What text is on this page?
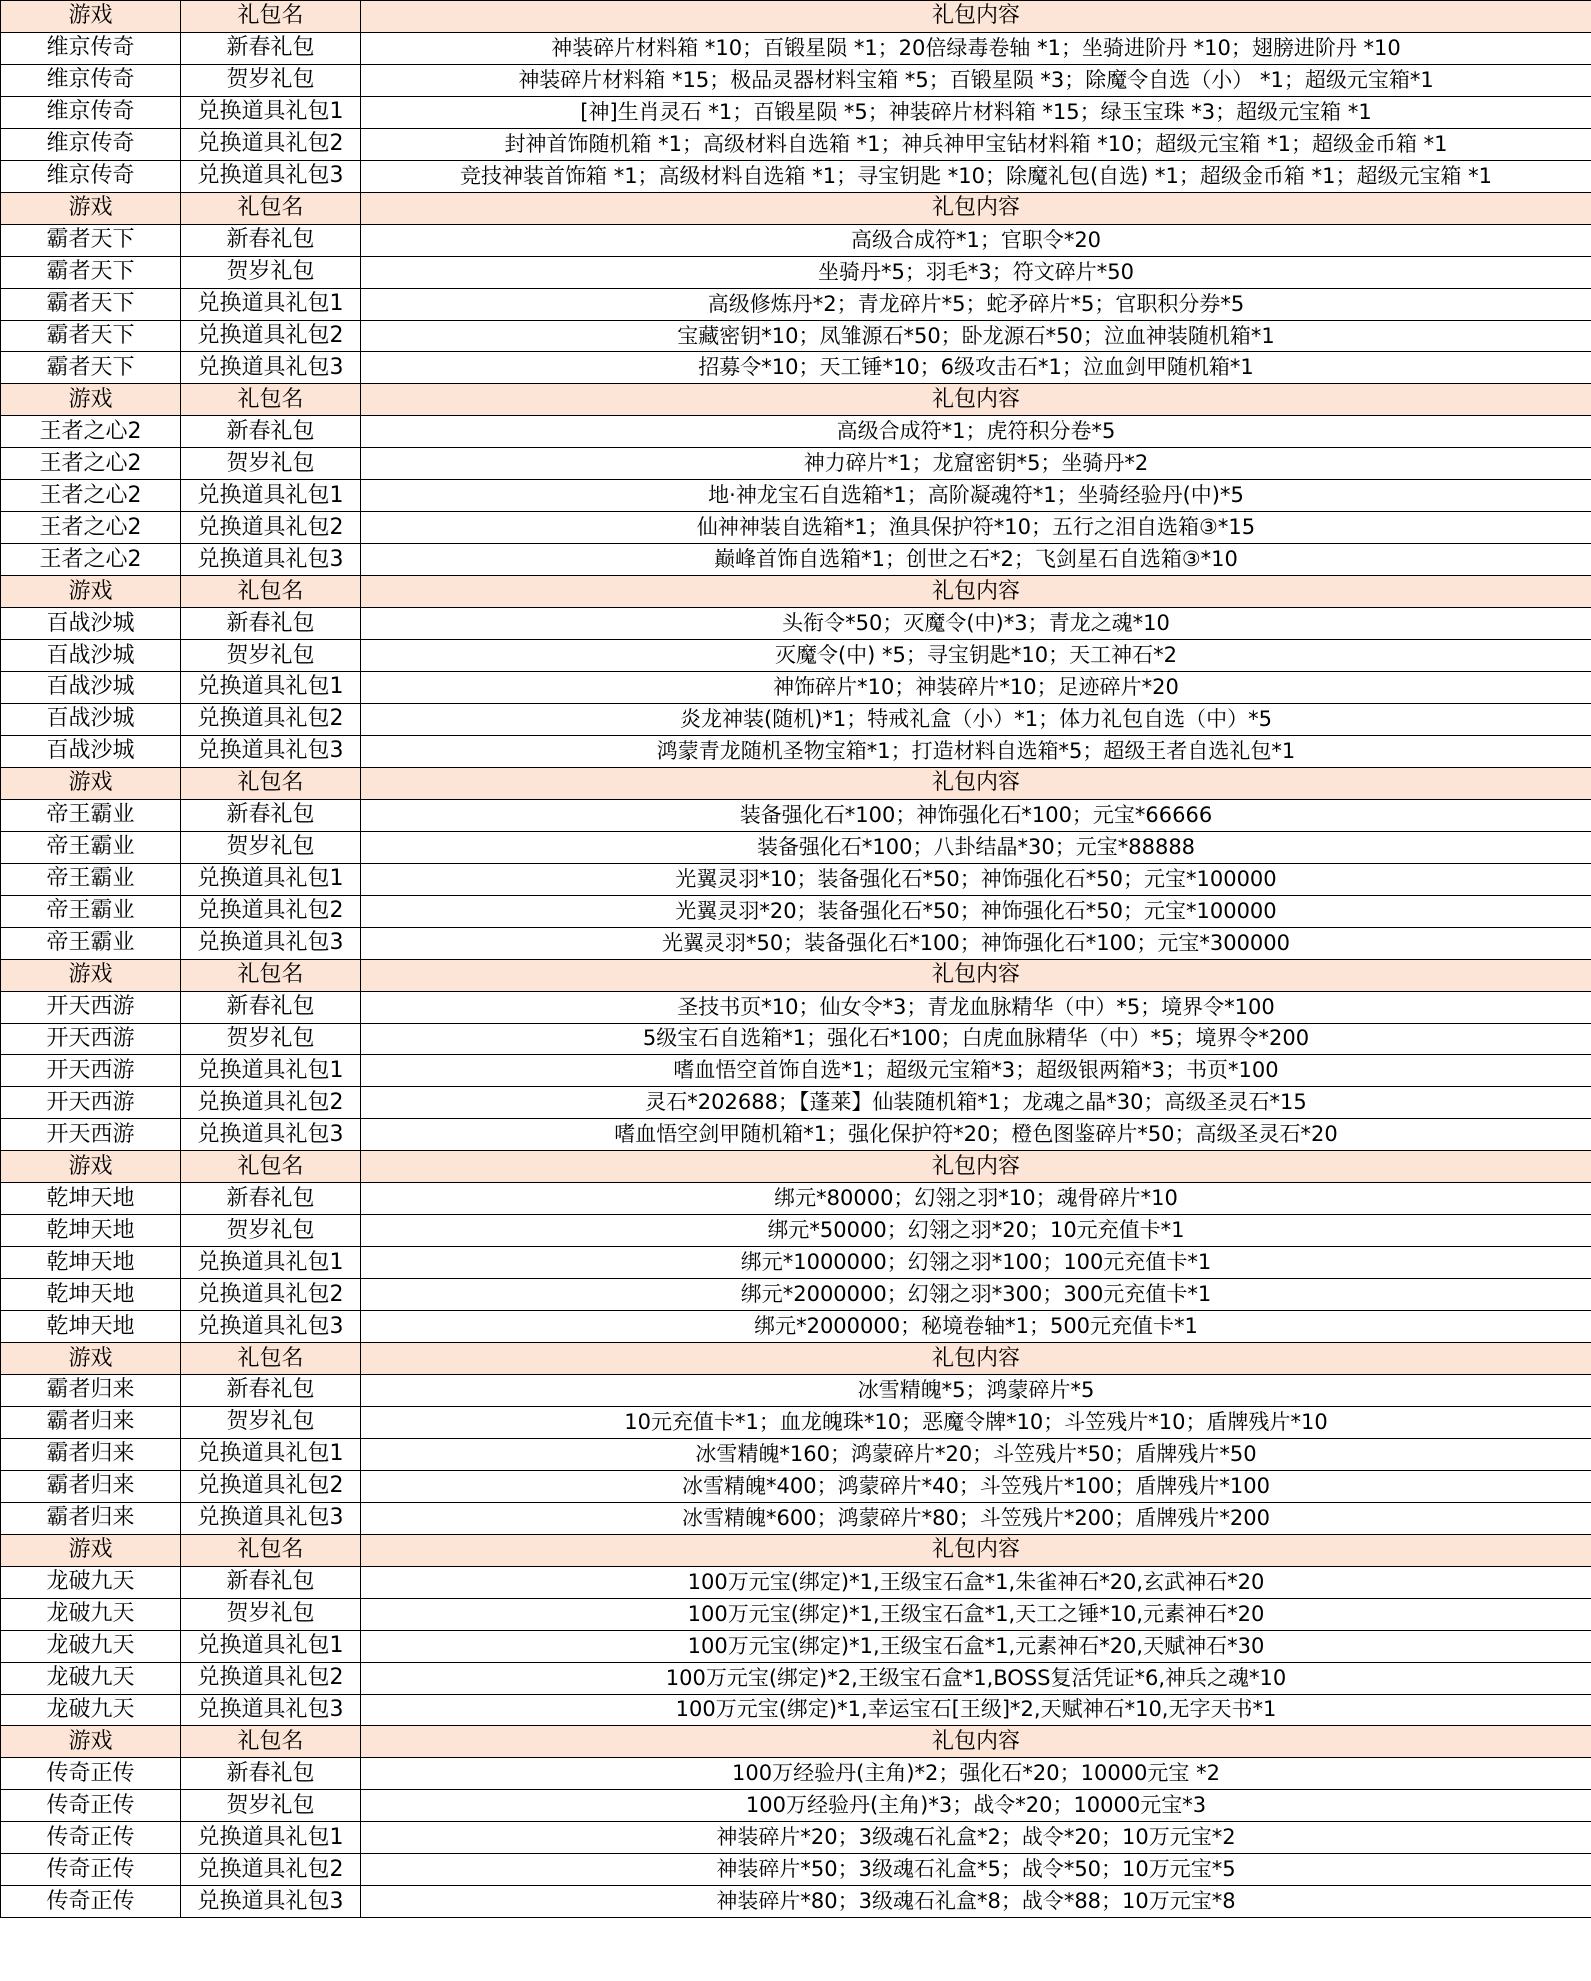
游戏	礼包名	礼包内容
维京传奇	新春礼包	神装碎片材料箱 *10；百锻星陨 *1；20倍绿毒卷轴 *1；坐骑进阶丹 *10；翅膀进阶丹 *10
维京传奇	贺岁礼包	神装碎片材料箱 *15；极品灵器材料宝箱 *5；百锻星陨 *3；除魔令自选（小） *1；超级元宝箱*1
维京传奇	兑换道具礼包1	[神]生肖灵石 *1；百锻星陨 *5；神装碎片材料箱 *15；绿玉宝珠 *3；超级元宝箱 *1
维京传奇	兑换道具礼包2	封神首饰随机箱 *1；高级材料自选箱 *1；神兵神甲宝钻材料箱 *10；超级元宝箱 *1；超级金币箱 *1
维京传奇	兑换道具礼包3	竞技神装首饰箱 *1；高级材料自选箱 *1；寻宝钥匙 *10；除魔礼包(自选) *1；超级金币箱 *1；超级元宝箱 *1
游戏	礼包名	礼包内容
霸者天下	新春礼包	高级合成符*1；官职令*20
霸者天下	贺岁礼包	坐骑丹*5；羽毛*3；符文碎片*50
霸者天下	兑换道具礼包1	高级修炼丹*2；青龙碎片*5；蛇矛碎片*5；官职积分券*5
霸者天下	兑换道具礼包2	宝藏密钥*10；凤雏源石*50；卧龙源石*50；泣血神装随机箱*1
霸者天下	兑换道具礼包3	招募令*10；天工锤*10；6级攻击石*1；泣血剑甲随机箱*1
游戏	礼包名	礼包内容
王者之心2	新春礼包	高级合成符*1；虎符积分卷*5
王者之心2	贺岁礼包	神力碎片*1；龙窟密钥*5；坐骑丹*2
王者之心2	兑换道具礼包1	地·神龙宝石自选箱*1；高阶凝魂符*1；坐骑经验丹(中)*5
王者之心2	兑换道具礼包2	仙神神装自选箱*1；渔具保护符*10；五行之泪自选箱③*15
王者之心2	兑换道具礼包3	巅峰首饰自选箱*1；创世之石*2；飞剑星石自选箱③*10
游戏	礼包名	礼包内容
百战沙城	新春礼包	头衔令*50；灭魔令(中)*3；青龙之魂*10
百战沙城	贺岁礼包	灭魔令(中) *5；寻宝钥匙*10；天工神石*2
百战沙城	兑换道具礼包1	神饰碎片*10；神装碎片*10；足迹碎片*20
百战沙城	兑换道具礼包2	炎龙神装(随机)*1；特戒礼盒（小）*1；体力礼包自选（中）*5
百战沙城	兑换道具礼包3	鸿蒙青龙随机圣物宝箱*1；打造材料自选箱*5；超级王者自选礼包*1
游戏	礼包名	礼包内容
帝王霸业	新春礼包	装备强化石*100；神饰强化石*100；元宝*66666
帝王霸业	贺岁礼包	装备强化石*100；八卦结晶*30；元宝*88888
帝王霸业	兑换道具礼包1	光翼灵羽*10；装备强化石*50；神饰强化石*50；元宝*100000
帝王霸业	兑换道具礼包2	光翼灵羽*20；装备强化石*50；神饰强化石*50；元宝*100000
帝王霸业	兑换道具礼包3	光翼灵羽*50；装备强化石*100；神饰强化石*100；元宝*300000
游戏	礼包名	礼包内容
开天西游	新春礼包	圣技书页*10；仙女令*3；青龙血脉精华（中）*5；境界令*100
开天西游	贺岁礼包	5级宝石自选箱*1；强化石*100；白虎血脉精华（中）*5；境界令*200
开天西游	兑换道具礼包1	嗜血悟空首饰自选*1；超级元宝箱*3；超级银两箱*3；书页*100
开天西游	兑换道具礼包2	灵石*202688；【蓬莱】仙装随机箱*1；龙魂之晶*30；高级圣灵石*15
开天西游	兑换道具礼包3	嗜血悟空剑甲随机箱*1；强化保护符*20；橙色图鉴碎片*50；高级圣灵石*20
游戏	礼包名	礼包内容
乾坤天地	新春礼包	绑元*80000；幻翎之羽*10；魂骨碎片*10
乾坤天地	贺岁礼包	绑元*50000；幻翎之羽*20；10元充值卡*1
乾坤天地	兑换道具礼包1	绑元*1000000；幻翎之羽*100；100元充值卡*1
乾坤天地	兑换道具礼包2	绑元*2000000；幻翎之羽*300；300元充值卡*1
乾坤天地	兑换道具礼包3	绑元*2000000；秘境卷轴*1；500元充值卡*1
游戏	礼包名	礼包内容
霸者归来	新春礼包	冰雪精魄*5；鸿蒙碎片*5
霸者归来	贺岁礼包	10元充值卡*1；血龙魄珠*10；恶魔令牌*10；斗笠残片*10；盾牌残片*10
霸者归来	兑换道具礼包1	冰雪精魄*160；鸿蒙碎片*20；斗笠残片*50；盾牌残片*50
霸者归来	兑换道具礼包2	冰雪精魄*400；鸿蒙碎片*40；斗笠残片*100；盾牌残片*100
霸者归来	兑换道具礼包3	冰雪精魄*600；鸿蒙碎片*80；斗笠残片*200；盾牌残片*200
游戏	礼包名	礼包内容
龙破九天	新春礼包	100万元宝(绑定)*1,王级宝石盒*1,朱雀神石*20,玄武神石*20
龙破九天	贺岁礼包	100万元宝(绑定)*1,王级宝石盒*1,天工之锤*10,元素神石*20
龙破九天	兑换道具礼包1	100万元宝(绑定)*1,王级宝石盒*1,元素神石*20,天赋神石*30
龙破九天	兑换道具礼包2	100万元宝(绑定)*2,王级宝石盒*1,BOSS复活凭证*6,神兵之魂*10
龙破九天	兑换道具礼包3	100万元宝(绑定)*1,幸运宝石[王级]*2,天赋神石*10,无字天书*1
游戏	礼包名	礼包内容
传奇正传	新春礼包	100万经验丹(主角)*2；强化石*20；10000元宝 *2
传奇正传	贺岁礼包	100万经验丹(主角)*3；战令*20；10000元宝*3
传奇正传	兑换道具礼包1	神装碎片*20；3级魂石礼盒*2；战令*20；10万元宝*2
传奇正传	兑换道具礼包2	神装碎片*50；3级魂石礼盒*5；战令*50；10万元宝*5
传奇正传	兑换道具礼包3	神装碎片*80；3级魂石礼盒*8；战令*88；10万元宝*8
